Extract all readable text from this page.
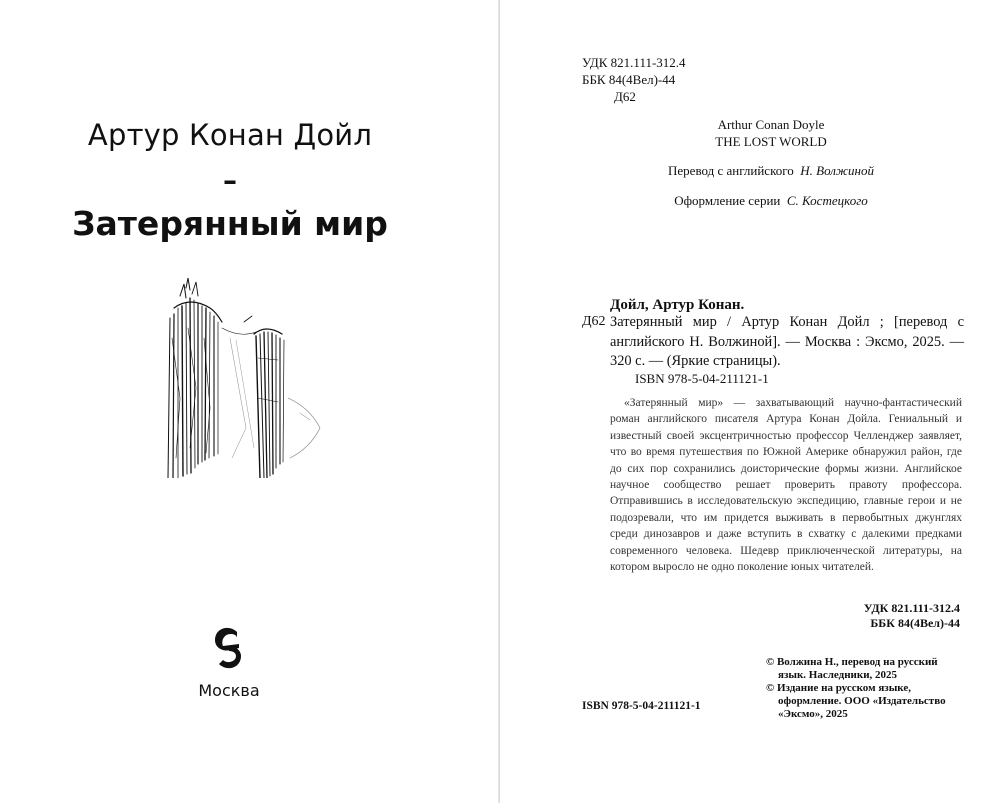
Артур Конан Дойл
–
Затерянный мир
Москва
УДК 821.111-312.4
ББК 84(4Вел)-44
Д62
Arthur Conan Doyle
THE LOST WORLD
Перевод с английского Н. Волжиной
Оформление серии С. Костецкого
Дойл, Артур Конан.
Д62 Затерянный мир / Артур Конан Дойл ; [перевод с английского Н. Волжиной]. — Москва : Эксмо, 2025. — 320 с. — (Яркие страницы).
ISBN 978-5-04-211121-1
«Затерянный мир» — захватывающий научно-фантастический роман английского писателя Артура Конан Дойла. Гениальный и известный своей эксцентричностью профессор Челленджер заявляет, что во время путешествия по Южной Америке обнаружил район, где до сих пор сохранились доисторические формы жизни. Английское научное сообщество решает проверить правоту профессора. Отправившись в исследовательскую экспедицию, главные герои и не подозревали, что им придется выживать в первобытных джунглях среди динозавров и даже вступить в схватку с далекими предками современного человека. Шедевр приключенческой литературы, на котором выросло не одно поколение юных читателей.
УДК 821.111-312.4
ББК 84(4Вел)-44
© Волжина Н., перевод на русский язык. Наследники, 2025
© Издание на русском языке, оформление. ООО «Издательство «Эксмо», 2025
ISBN 978-5-04-211121-1
